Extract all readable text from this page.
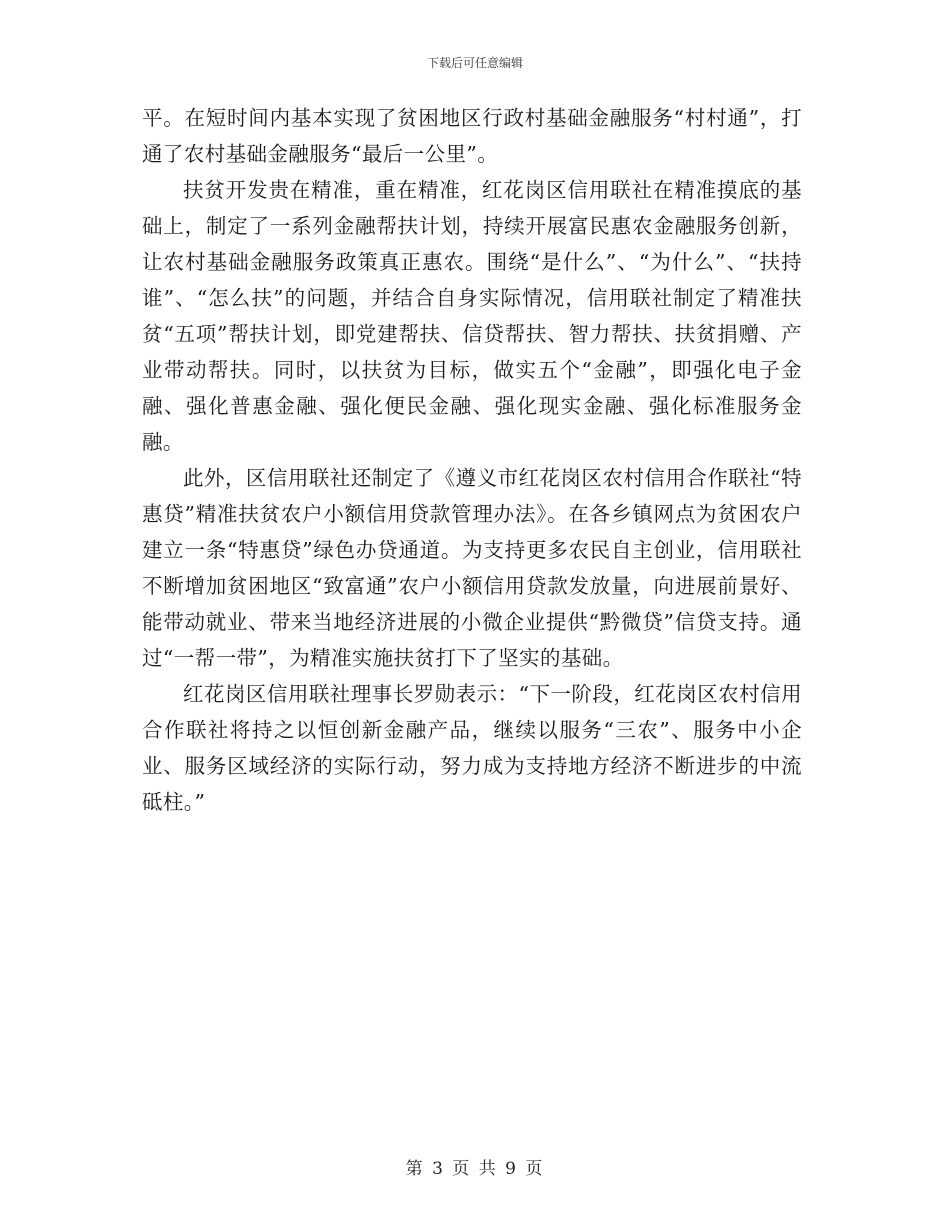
下载后可任意编辑

平。在短时间内基本实现了贫困地区行政村基础金融服务“村村通”，打通了农村基础金融服务“最后一公里”。

扶贫开发贵在精准，重在精准，红花岗区信用联社在精准摸底的基础上，制定了一系列金融帮扶计划，持续开展富民惠农金融服务创新，让农村基础金融服务政策真正惠农。围绕“是什么”、“为什么”、“扶持谁”、“怎么扶”的问题，并结合自身实际情况，信用联社制定了精准扶贫“五项”帮扶计划，即党建帮扶、信贷帮扶、智力帮扶、扶贫捐赠、产业带动帮扶。同时，以扶贫为目标，做实五个“金融”，即强化电子金融、强化普惠金融、强化便民金融、强化现实金融、强化标准服务金融。

此外，区信用联社还制定了《遵义市红花岗区农村信用合作联社“特惠贷”精准扶贫农户小额信用贷款管理办法》。在各乡镇网点为贫困农户建立一条“特惠贷”绿色办贷通道。为支持更多农民自主创业，信用联社不断增加贫困地区“致富通”农户小额信用贷款发放量，向进展前景好、能带动就业、带来当地经济进展的小微企业提供“黔微贷”信贷支持。通过“一帮一带”，为精准实施扶贫打下了坚实的基础。

红花岗区信用联社理事长罗勋表示：“下一阶段，红花岗区农村信用合作联社将持之以恒创新金融产品，继续以服务“三农”、服务中小企业、服务区域经济的实际行动，努力成为支持地方经济不断进步的中流砥柱。”

第 3 页 共 9 页
